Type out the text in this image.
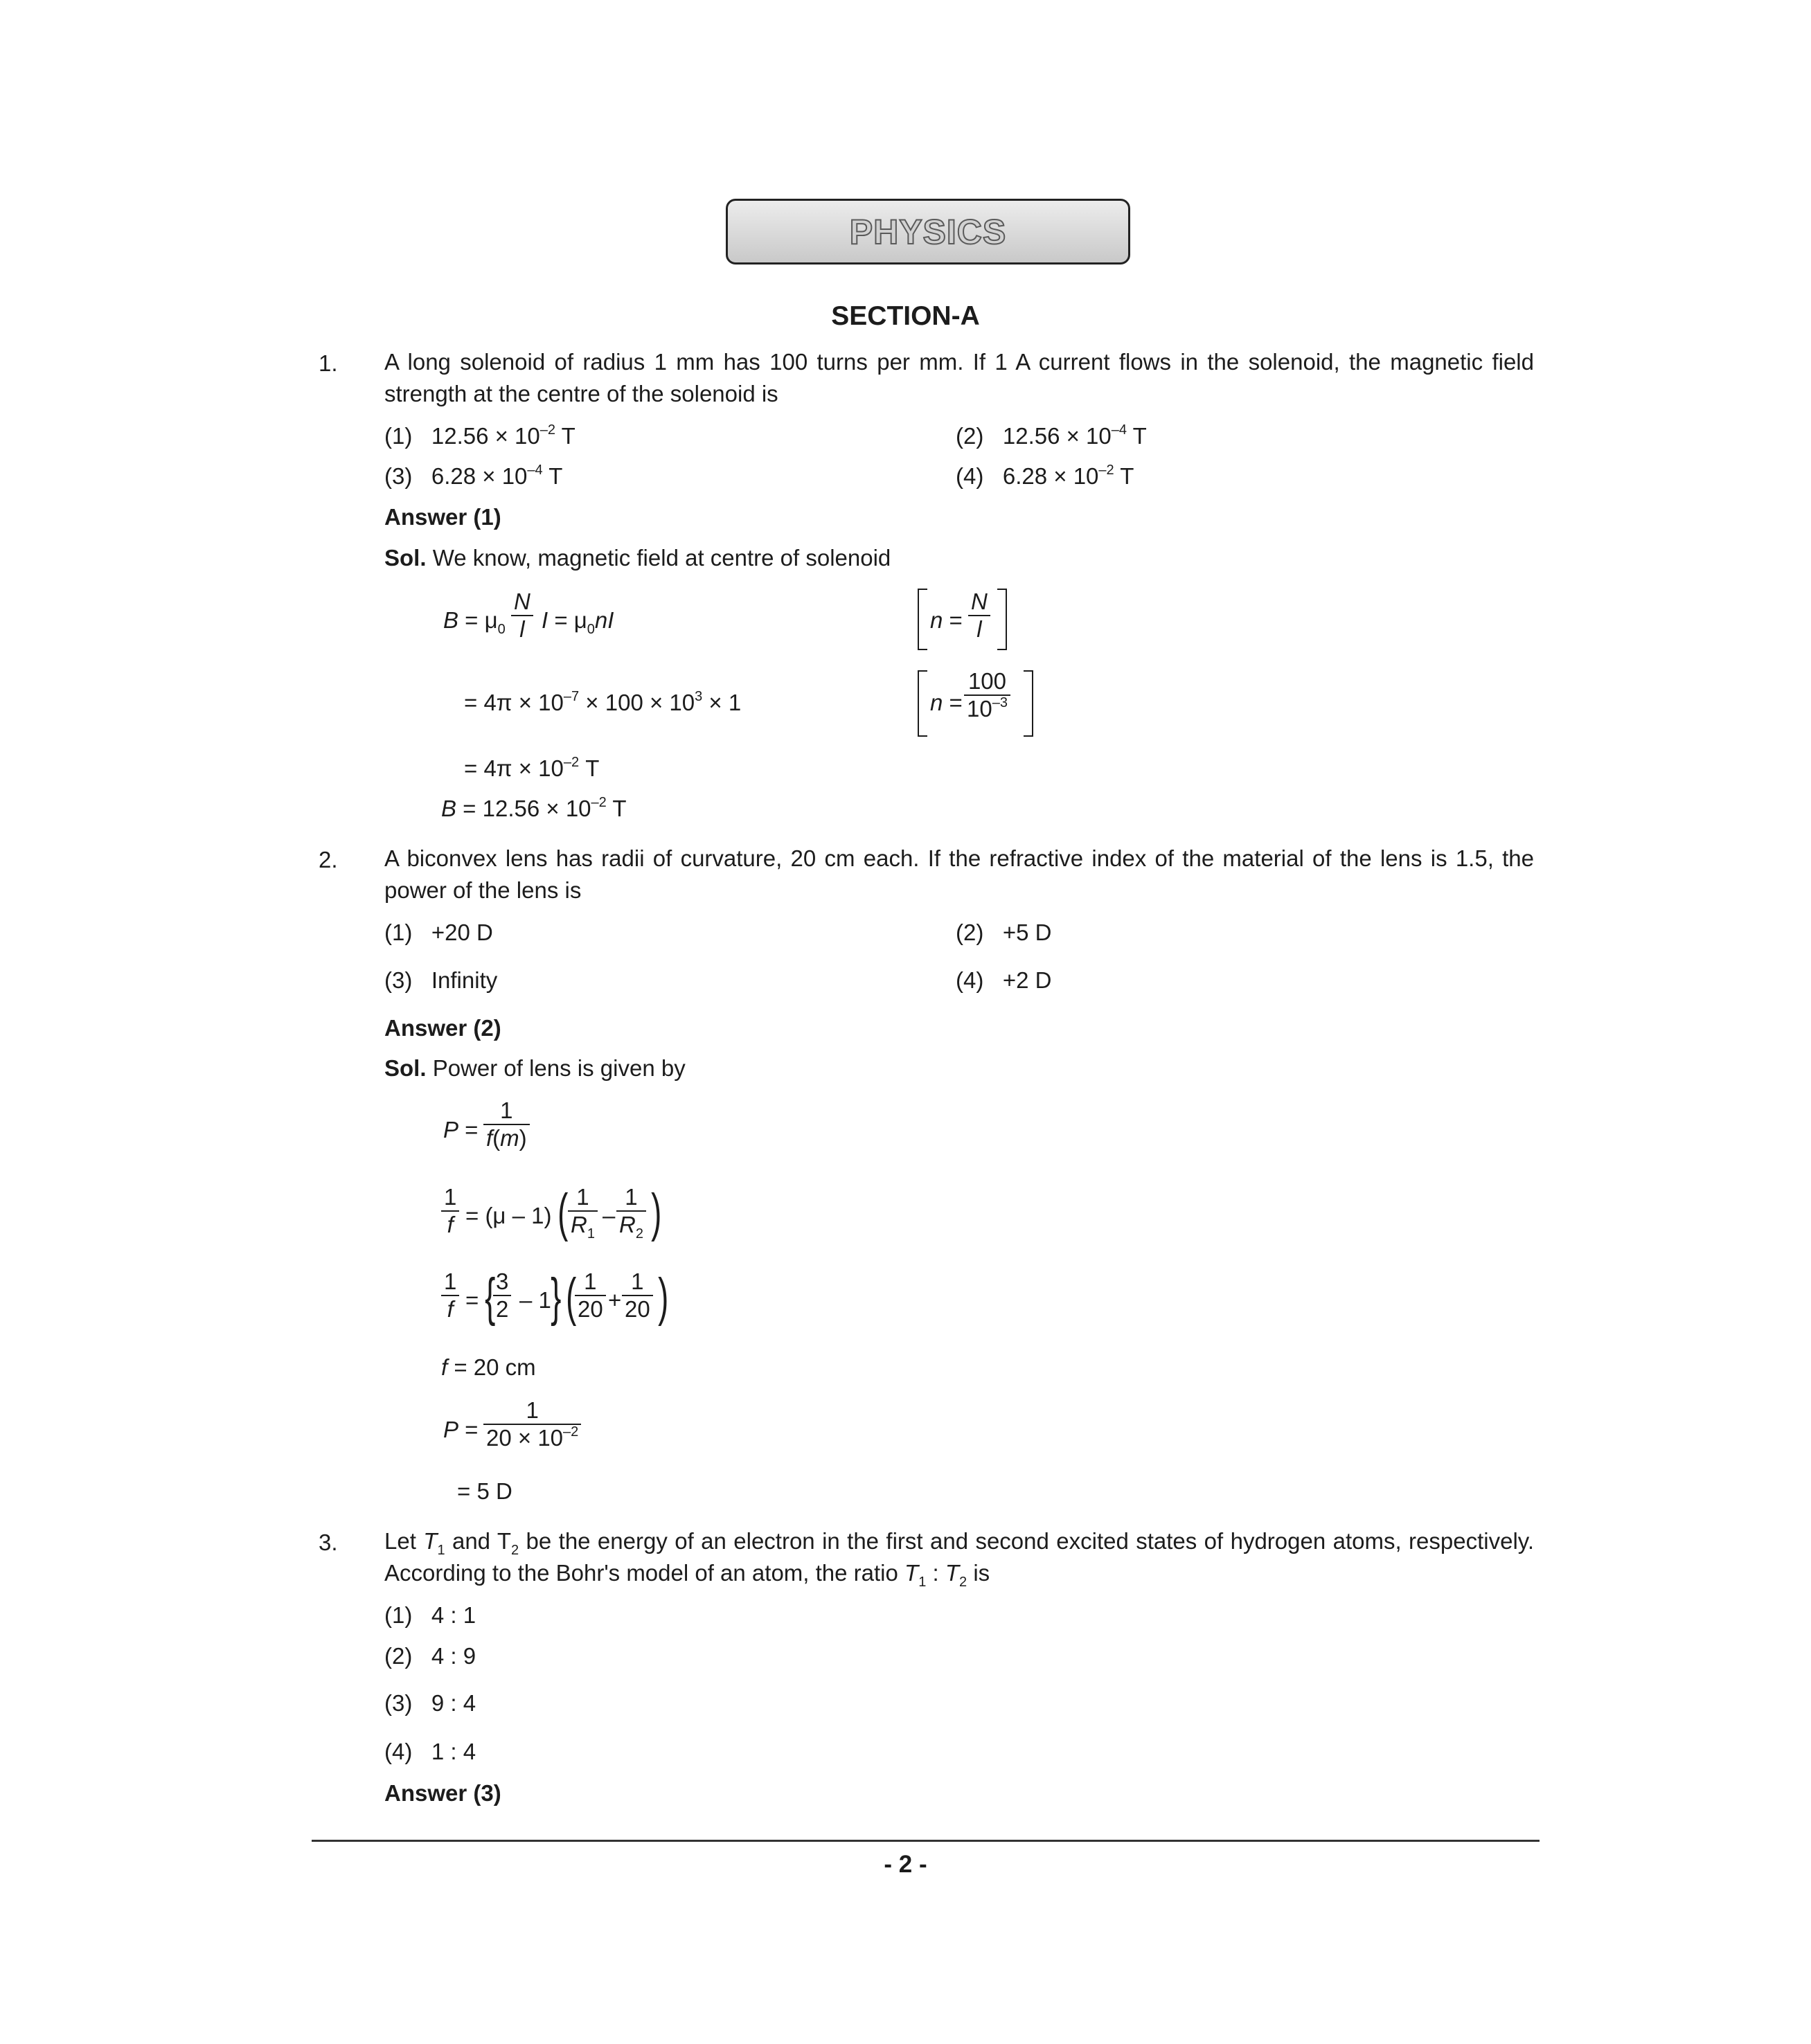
PHYSICS
SECTION-A
1. A long solenoid of radius 1 mm has 100 turns per mm. If 1 A current flows in the solenoid, the magnetic field strength at the centre of the solenoid is
(1) $12.56 \times 10^{-2}$ T	(2) $12.56 \times 10^{-4}$ T
(3) $6.28 \times 10^{-4}$ T	(4) $6.28 \times 10^{-2}$ T
Answer (1)
Sol. We know, magnetic field at centre of solenoid
$B = \mu_0$
N
l $I = \mu_0nI$	n =
N
l
= $4\pi \times 10^{-7} \times 100 \times 10^3 \times 1$	n =
100
$10^{-3}$
= $4\pi \times 10^{-2}$ T
$B = 12.56 \times 10^{-2}$ T
2. A biconvex lens has radii of curvature, 20 cm each. If the refractive index of the material of the lens is 1.5, the power of the lens is
(1) +20 D	(2) +5 D
(3) Infinity	(4) +2 D
Answer (2)
Sol. Power of lens is given by
P =
1
f(m)
1
f = (μ – 1) ( 1
$R_1$
–
1
$R_2$ )
1
f = { 3
2 – 1 } ( 1
20 +
1
20 )
f = 20 cm
P =
1
$20 \times 10^{-2}$
= 5 D
3. Let $T_1$ and $T_2$ be the energy of an electron in the first and second excited states of hydrogen atoms, respectively. According to the Bohr's model of an atom, the ratio $T_1$ : $T_2$ is
(1) 4 : 1
(2) 4 : 9
(3) 9 : 4
(4) 1 : 4
Answer (3)
- 2 -
